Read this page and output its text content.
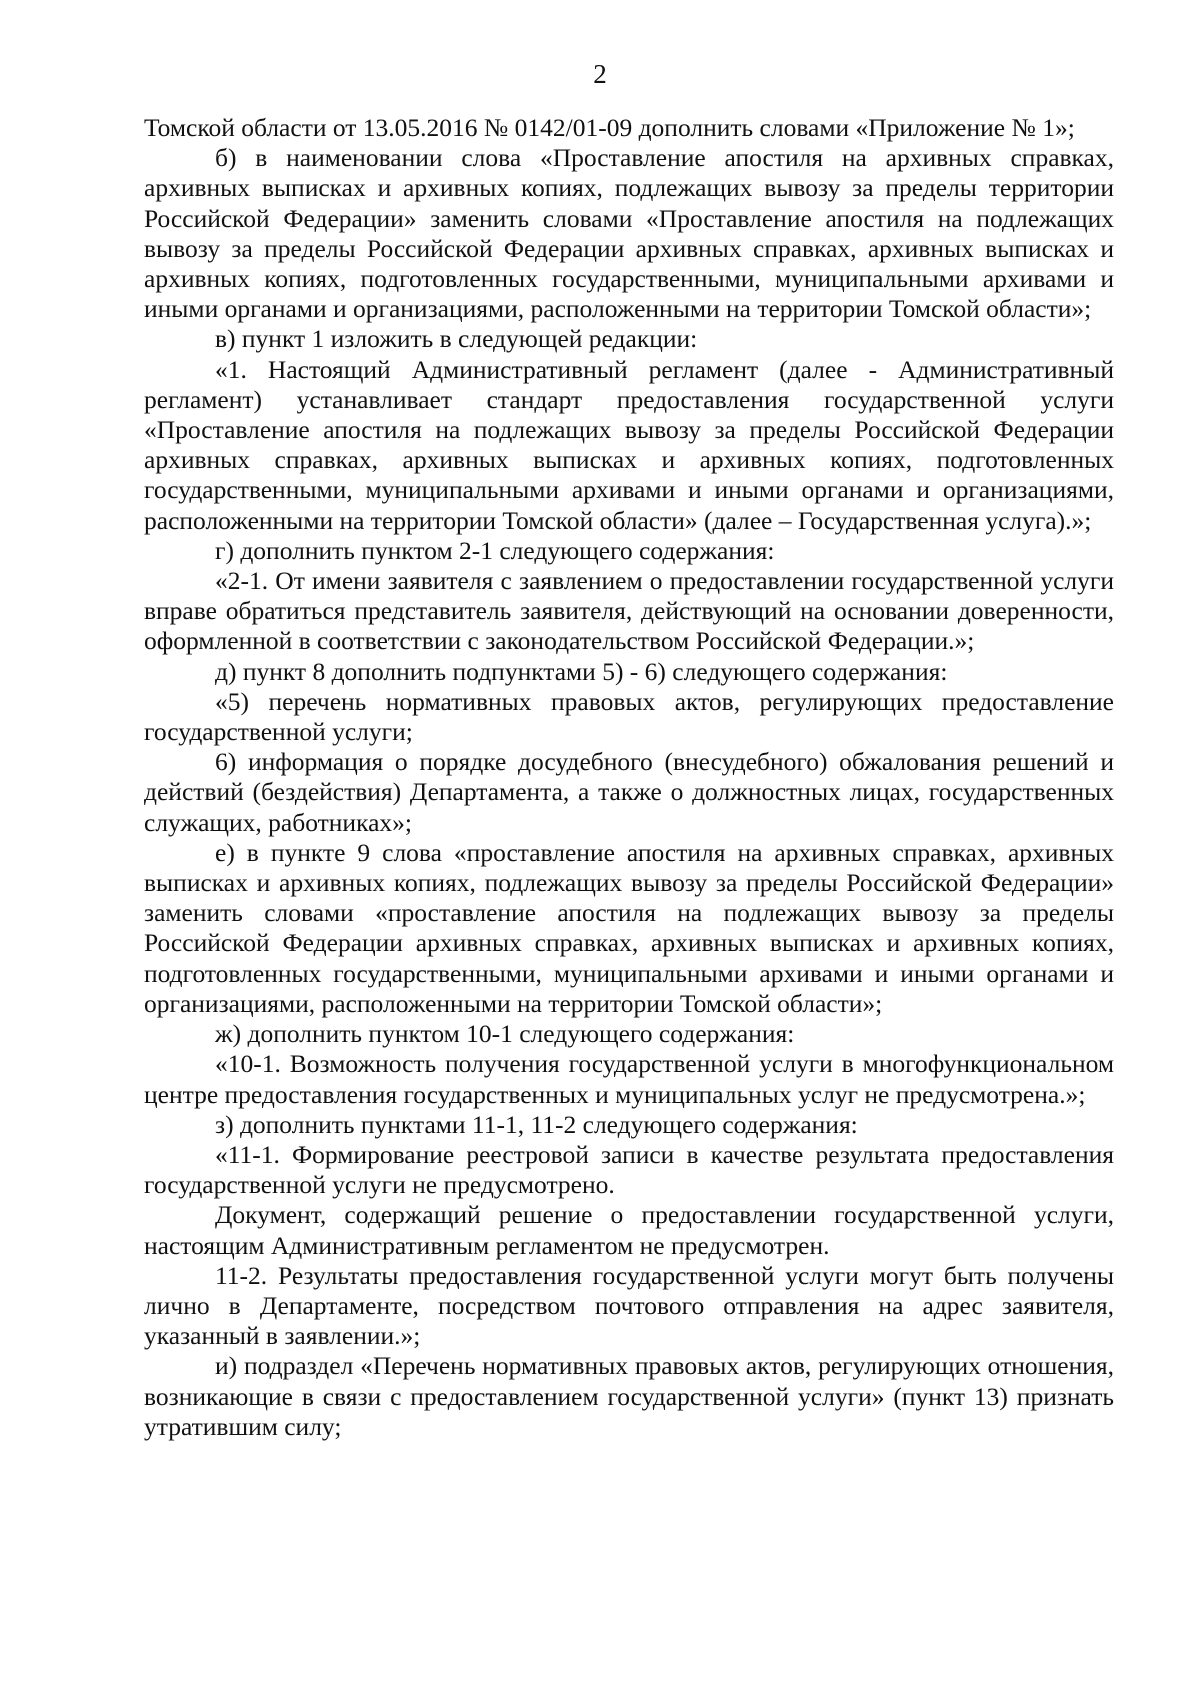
2

Томской области от 13.05.2016 № 0142/01-09 дополнить словами «Приложение № 1»;

б) в наименовании слова «Проставление апостиля на архивных справках, архивных выписках и архивных копиях, подлежащих вывозу за пределы территории Российской Федерации» заменить словами «Проставление апостиля на подлежащих вывозу за пределы Российской Федерации архивных справках, архивных выписках и архивных копиях, подготовленных государственными, муниципальными архивами и иными органами и организациями, расположенными на территории Томской области»;

в) пункт 1 изложить в следующей редакции:

«1. Настоящий Административный регламент (далее - Административный регламент) устанавливает стандарт предоставления государственной услуги «Проставление апостиля на подлежащих вывозу за пределы Российской Федерации архивных справках, архивных выписках и архивных копиях, подготовленных государственными, муниципальными архивами и иными органами и организациями, расположенными на территории Томской области» (далее – Государственная услуга).»;

г) дополнить пунктом 2-1 следующего содержания:

«2-1. От имени заявителя с заявлением о предоставлении государственной услуги вправе обратиться представитель заявителя, действующий на основании доверенности, оформленной в соответствии с законодательством Российской Федерации.»;

д) пункт 8 дополнить подпунктами 5) - 6) следующего содержания:

«5) перечень нормативных правовых актов, регулирующих предоставление государственной услуги;

6) информация о порядке досудебного (внесудебного) обжалования решений и действий (бездействия) Департамента, а также о должностных лицах, государственных служащих, работниках»;

е) в пункте 9 слова «проставление апостиля на архивных справках, архивных выписках и архивных копиях, подлежащих вывозу за пределы Российской Федерации» заменить словами «проставление апостиля на подлежащих вывозу за пределы Российской Федерации архивных справках, архивных выписках и архивных копиях, подготовленных государственными, муниципальными архивами и иными органами и организациями, расположенными на территории Томской области»;

ж) дополнить пунктом 10-1 следующего содержания:

«10-1. Возможность получения государственной услуги в многофункциональном центре предоставления государственных и муниципальных услуг не предусмотрена.»;

з) дополнить пунктами 11-1, 11-2 следующего содержания:

«11-1. Формирование реестровой записи в качестве результата предоставления государственной услуги не предусмотрено.

Документ, содержащий решение о предоставлении государственной услуги, настоящим Административным регламентом не предусмотрен.

11-2. Результаты предоставления государственной услуги могут быть получены лично в Департаменте, посредством почтового отправления на адрес заявителя, указанный в заявлении.»;

и) подраздел «Перечень нормативных правовых актов, регулирующих отношения, возникающие в связи с предоставлением государственной услуги» (пункт 13) признать утратившим силу;
